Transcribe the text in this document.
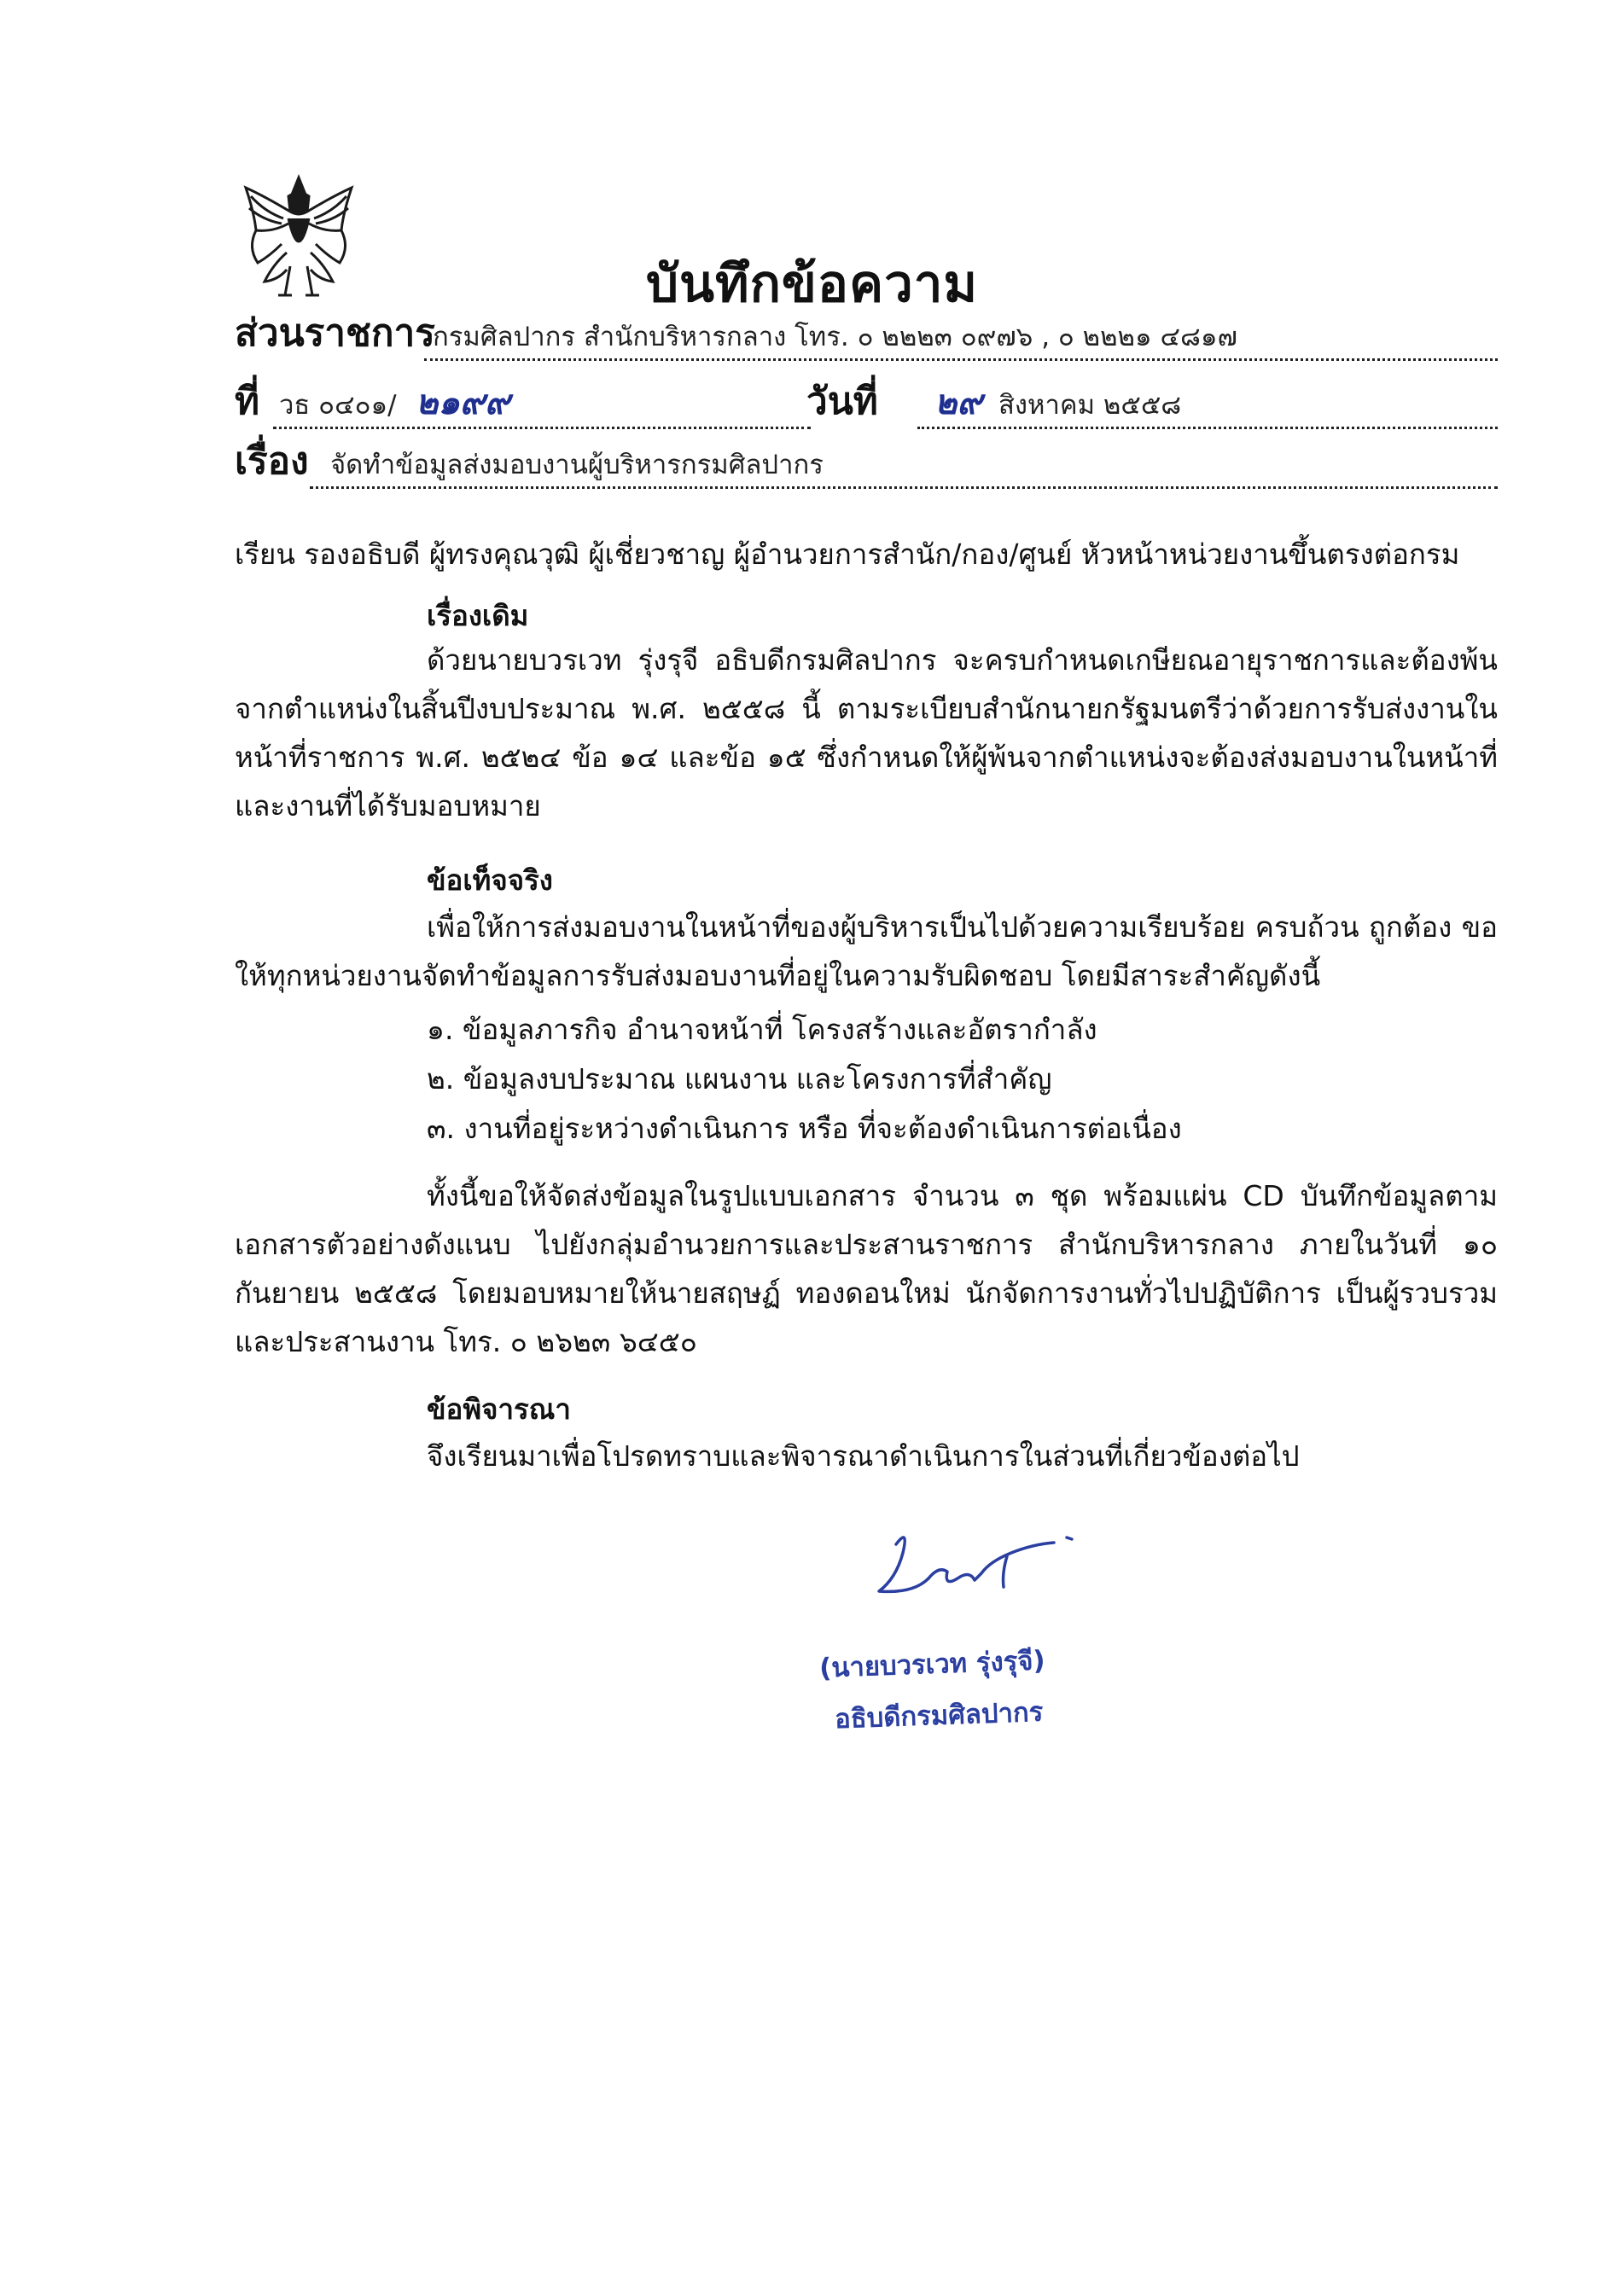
บันทึกข้อความ
ส่วนราชการ
กรมศิลปากร สำนักบริหารกลาง โทร. ๐ ๒๒๒๓ ๐๙๗๖ , ๐ ๒๒๒๑ ๔๘๑๗
ที่ วธ ๐๔๐๑/ ๒๑๙๙	วันที่ ๒๙ สิงหาคม ๒๕๕๘
เรื่อง จัดทำข้อมูลส่งมอบงานผู้บริหารกรมศิลปากร
เรียน รองอธิบดี ผู้ทรงคุณวุฒิ ผู้เชี่ยวชาญ ผู้อำนวยการสำนัก/กอง/ศูนย์ หัวหน้าหน่วยงานขึ้นตรงต่อกรม
เรื่องเดิม
ด้วยนายบวรเวท รุ่งรุจี อธิบดีกรมศิลปากร จะครบกำหนดเกษียณอายุราชการและต้องพ้นจากตำแหน่งในสิ้นปีงบประมาณ พ.ศ. ๒๕๕๘ นี้ ตามระเบียบสำนักนายกรัฐมนตรีว่าด้วยการรับส่งงานในหน้าที่ราชการ พ.ศ. ๒๕๒๔ ข้อ ๑๔ และข้อ ๑๕ ซึ่งกำหนดให้ผู้พ้นจากตำแหน่งจะต้องส่งมอบงานในหน้าที่และงานที่ได้รับมอบหมาย
ข้อเท็จจริง
เพื่อให้การส่งมอบงานในหน้าที่ของผู้บริหารเป็นไปด้วยความเรียบร้อย ครบถ้วน ถูกต้อง ขอให้ทุกหน่วยงานจัดทำข้อมูลการรับส่งมอบงานที่อยู่ในความรับผิดชอบ โดยมีสาระสำคัญดังนี้
๑. ข้อมูลภารกิจ อำนาจหน้าที่ โครงสร้างและอัตรากำลัง
๒. ข้อมูลงบประมาณ แผนงาน และโครงการที่สำคัญ
๓. งานที่อยู่ระหว่างดำเนินการ หรือ ที่จะต้องดำเนินการต่อเนื่อง
ทั้งนี้ขอให้จัดส่งข้อมูลในรูปแบบเอกสาร จำนวน ๓ ชุด พร้อมแผ่น CD บันทึกข้อมูลตามเอกสารตัวอย่างดังแนบ ไปยังกลุ่มอำนวยการและประสานราชการ สำนักบริหารกลาง ภายในวันที่ ๑๐ กันยายน ๒๕๕๘ โดยมอบหมายให้นายสฤษฏ์ ทองดอนใหม่ นักจัดการงานทั่วไปปฏิบัติการ เป็นผู้รวบรวมและประสานงาน โทร. ๐ ๒๖๒๓ ๖๔๕๐
ข้อพิจารณา
จึงเรียนมาเพื่อโปรดทราบและพิจารณาดำเนินการในส่วนที่เกี่ยวข้องต่อไป
(นายบวรเวท รุ่งรุจี)
อธิบดีกรมศิลปากร
